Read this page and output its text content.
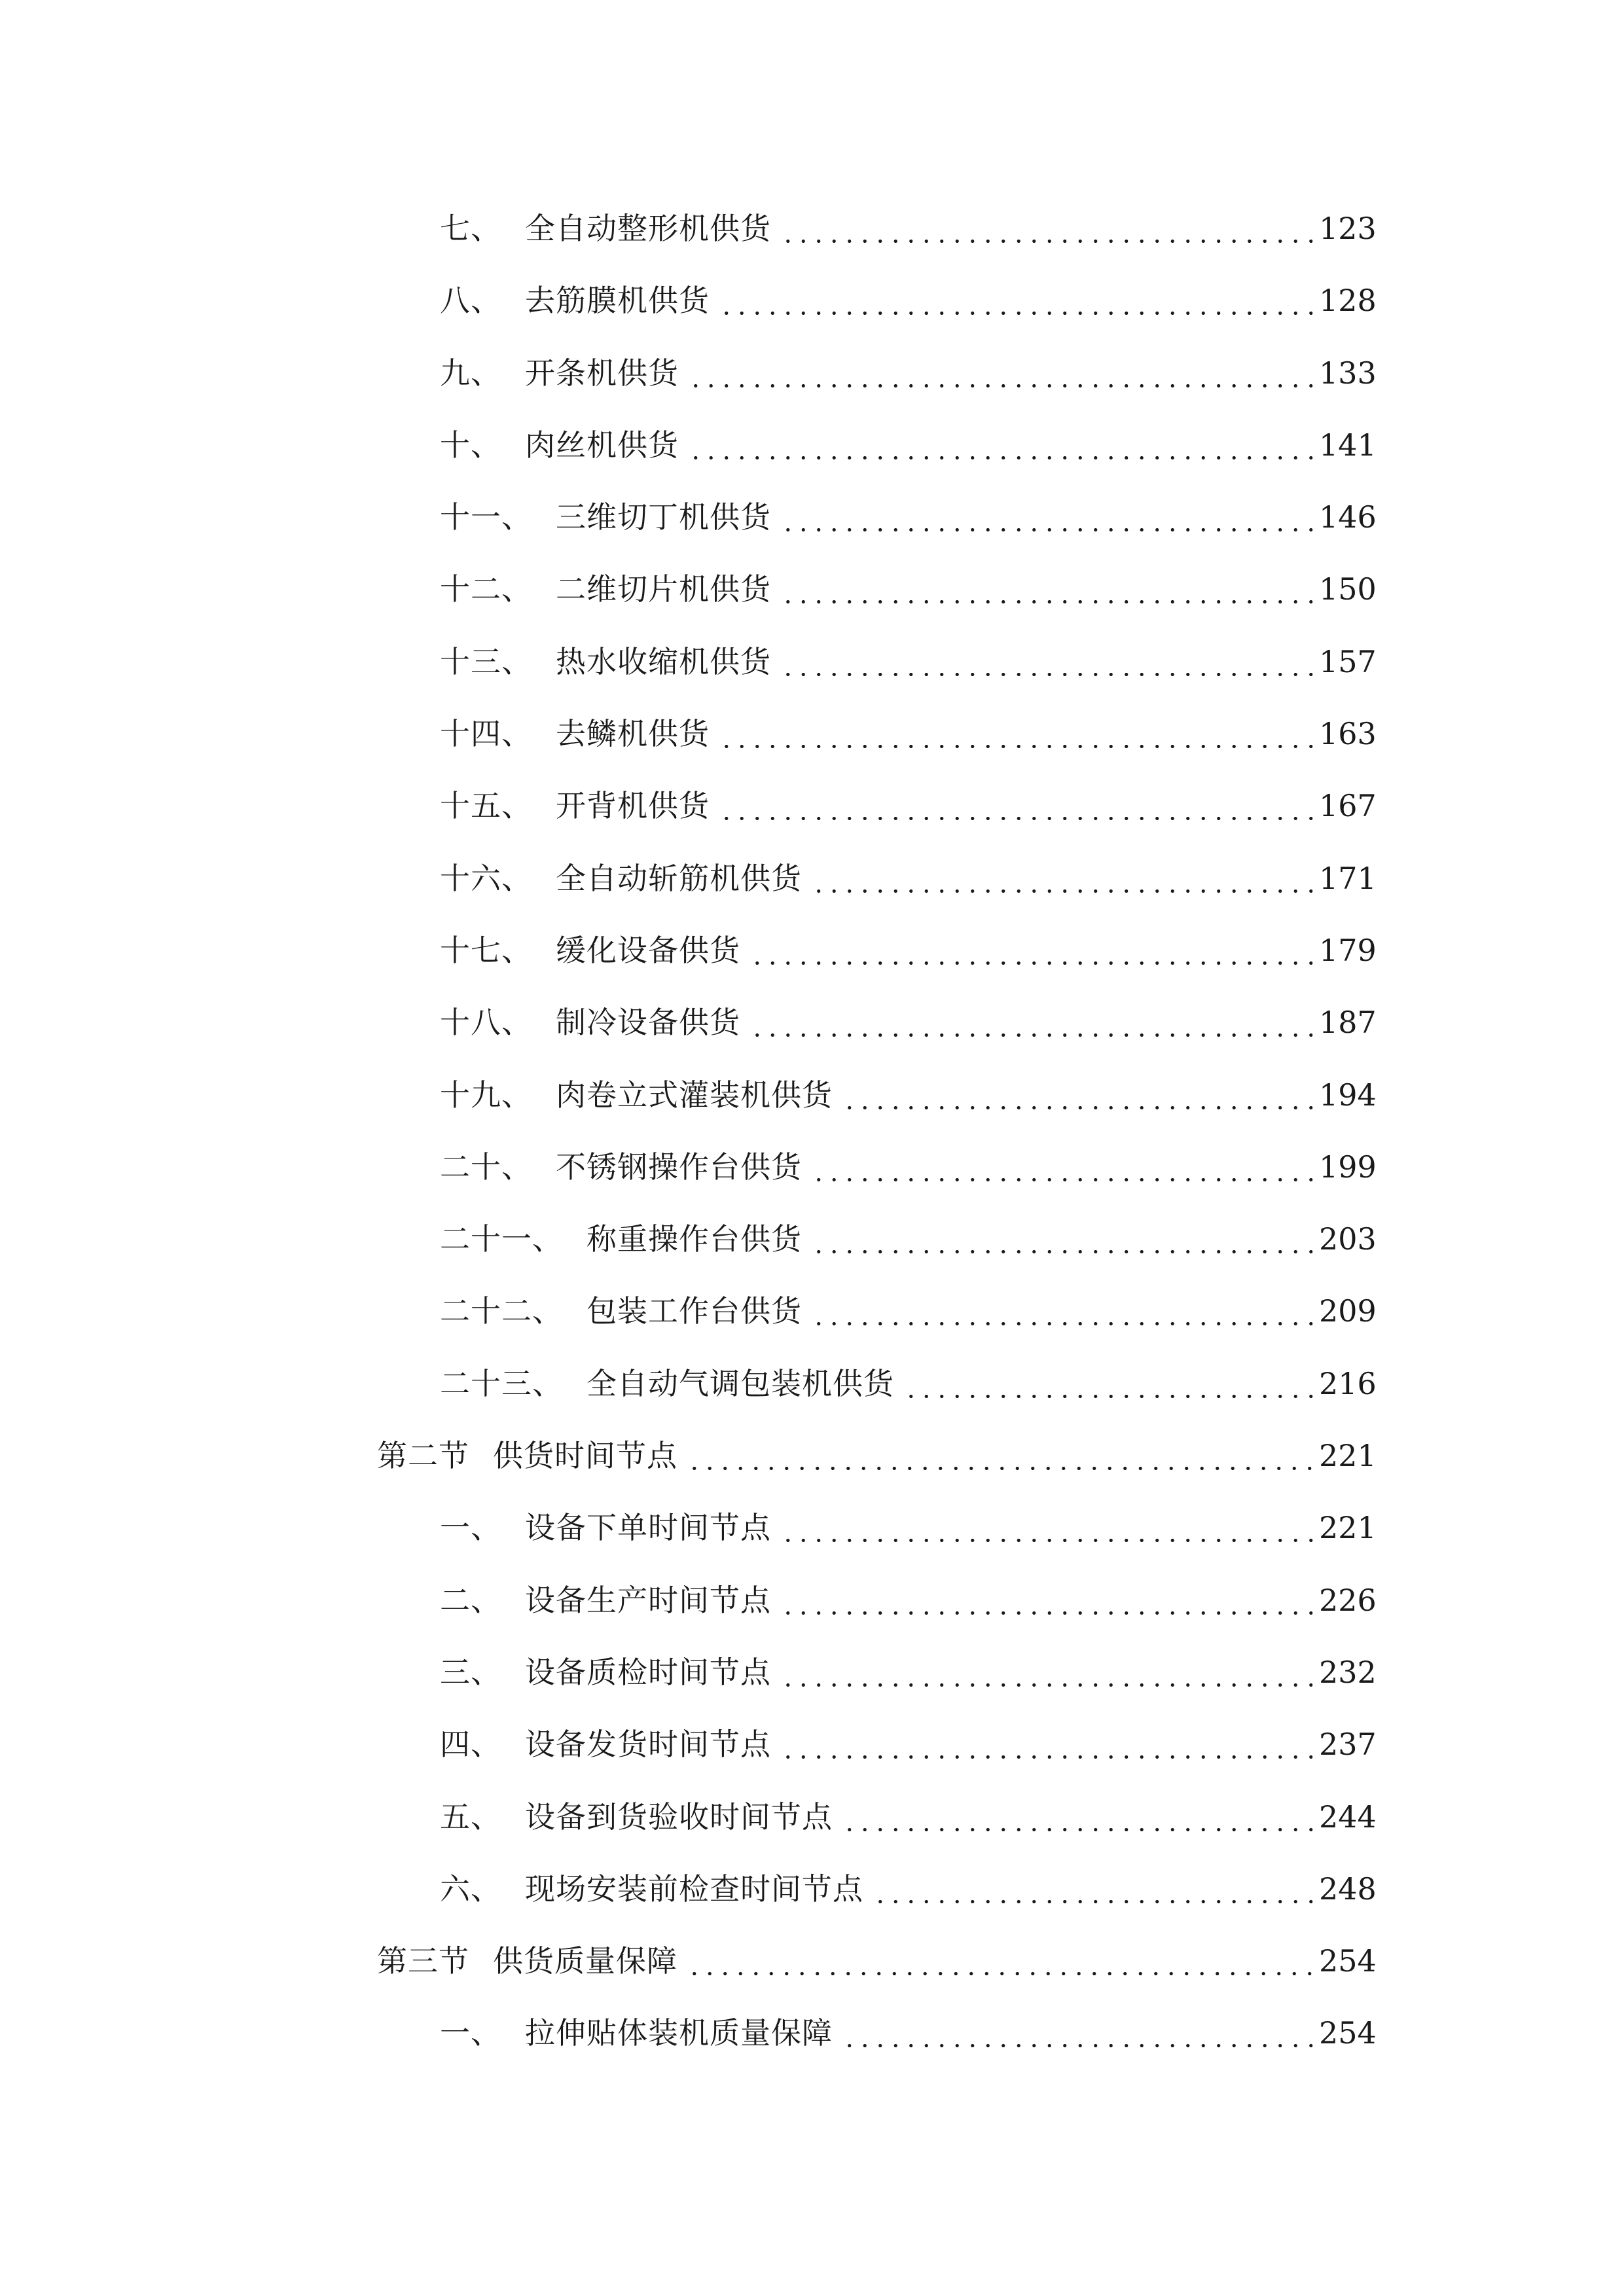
七、 全自动整形机供货	123
八、 去筋膜机供货	128
九、 开条机供货	133
十、 肉丝机供货	141
十一、 三维切丁机供货	146
十二、 二维切片机供货	150
十三、 热水收缩机供货	157
十四、 去鳞机供货	163
十五、 开背机供货	167
十六、 全自动斩筋机供货	171
十七、 缓化设备供货	179
十八、 制冷设备供货	187
十九、 肉卷立式灌装机供货	194
二十、 不锈钢操作台供货	199
二十一、 称重操作台供货	203
二十二、 包装工作台供货	209
二十三、 全自动气调包装机供货	216
第二节 供货时间节点	221
一、 设备下单时间节点	221
二、 设备生产时间节点	226
三、 设备质检时间节点	232
四、 设备发货时间节点	237
五、 设备到货验收时间节点	244
六、 现场安装前检查时间节点	248
第三节 供货质量保障	254
一、 拉伸贴体装机质量保障	254
